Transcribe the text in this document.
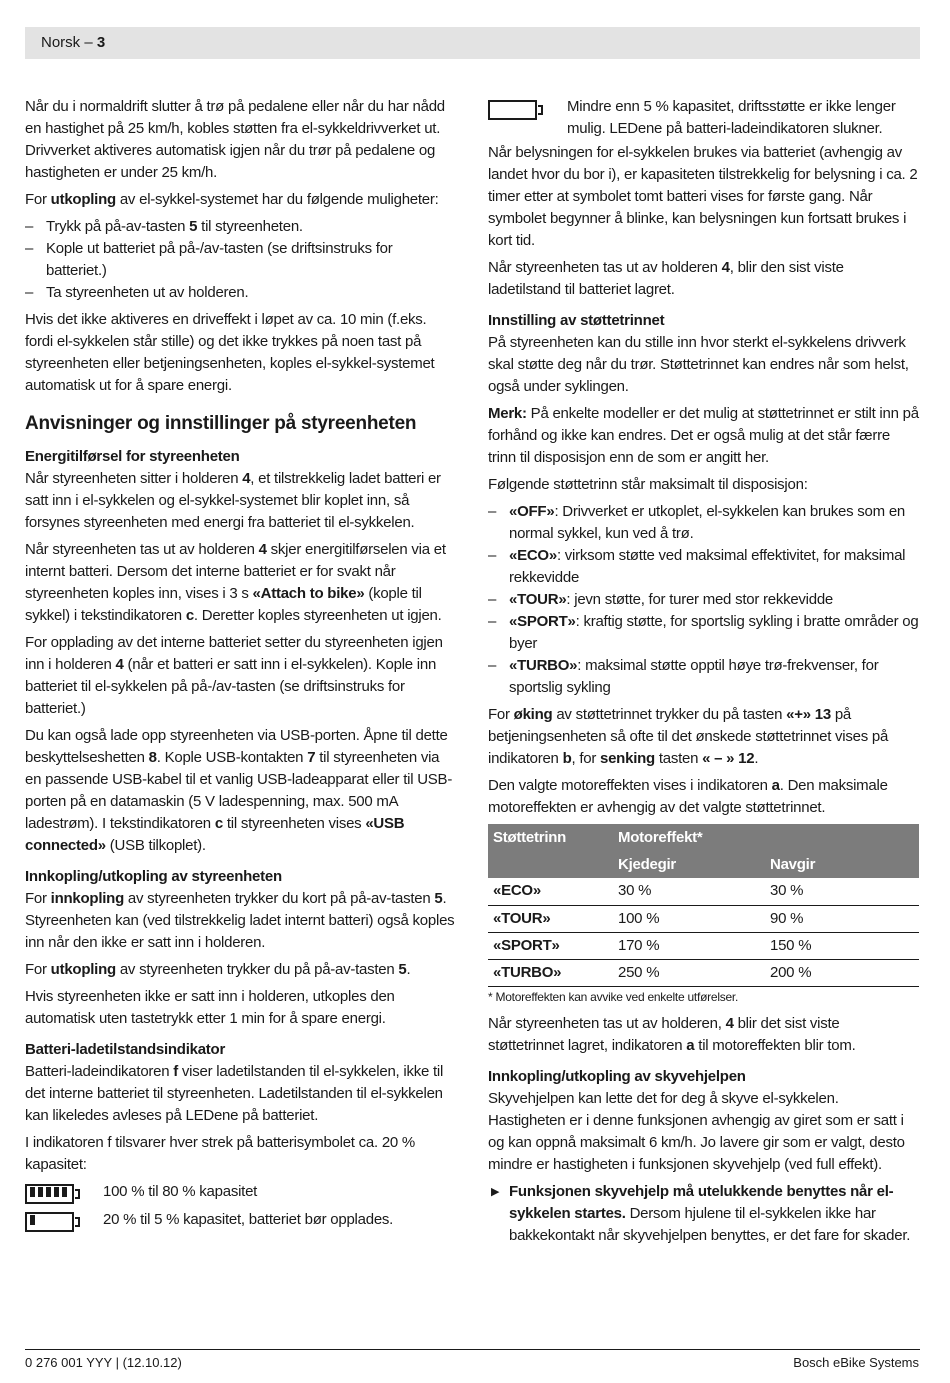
Norsk – 3

Når du i normaldrift slutter å trø på pedalene eller når du har nådd en hastighet på 25 km/h, kobles støtten fra el-sykkeldrivverket ut. Drivverket aktiveres automatisk igjen når du trør på pedalene og hastigheten er under 25 km/h.

For utkopling av el-sykkel-systemet har du følgende muligheter:

– Trykk på på-av-tasten 5 til styreenheten.
– Kople ut batteriet på på-/av-tasten (se driftsinstruks for batteriet.)
– Ta styreenheten ut av holderen.

Hvis det ikke aktiveres en driveffekt i løpet av ca. 10 min (f.eks. fordi el-sykkelen står stille) og det ikke trykkes på noen tast på styreenheten eller betjeningsenheten, koples el-sykkel-systemet automatisk ut for å spare energi.

Anvisninger og innstillinger på styreenheten
Energitilførsel for styreenheten

Når styreenheten sitter i holderen 4, et tilstrekkelig ladet batteri er satt inn i el-sykkelen og el-sykkel-systemet blir koplet inn, så forsynes styreenheten med energi fra batteriet til el-sykkelen.

Når styreenheten tas ut av holderen 4 skjer energitilførselen via et internt batteri. Dersom det interne batteriet er for svakt når styreenheten koples inn, vises i 3 s «Attach to bike» (kople til sykkel) i tekstindikatoren c. Deretter koples styreenheten ut igjen.

For opplading av det interne batteriet setter du styreenheten igjen inn i holderen 4 (når et batteri er satt inn i el-sykkelen). Kople inn batteriet til el-sykkelen på på-/av-tasten (se driftsinstruks for batteriet.)

Du kan også lade opp styreenheten via USB-porten. Åpne til dette beskyttelseshetten 8. Kople USB-kontakten 7 til styreenheten via en passende USB-kabel til et vanlig USB-ladeapparat eller til USB-porten på en datamaskin (5 V ladespenning, max. 500 mA ladestrøm). I tekstindikatoren c til styreenheten vises «USB connected» (USB tilkoplet).

Innkopling/utkopling av styreenheten

For innkopling av styreenheten trykker du kort på på-av-tasten 5. Styreenheten kan (ved tilstrekkelig ladet internt batteri) også koples inn når den ikke er satt inn i holderen.

For utkopling av styreenheten trykker du på på-av-tasten 5.

Hvis styreenheten ikke er satt inn i holderen, utkoples den automatisk uten tastetrykk etter 1 min for å spare energi.

Batteri-ladetilstandsindikator

Batteri-ladeindikatoren f viser ladetilstanden til el-sykkelen, ikke til det interne batteriet til styreenheten. Ladetilstanden til el-sykkelen kan likeledes avleses på LEDene på batteriet.

I indikatoren f tilsvarer hver strek på batterisymbolet ca. 20 % kapasitet:

100 % til 80 % kapasitet
20 % til 5 % kapasitet, batteriet bør opplades.
Mindre enn 5 % kapasitet, driftsstøtte er ikke lenger mulig. LEDene på batteri-ladeindikatoren slukner.

Når belysningen for el-sykkelen brukes via batteriet (avhengig av landet hvor du bor i), er kapasiteten tilstrekkelig for belysning i ca. 2 timer etter at symbolet tomt batteri vises for første gang. Når symbolet begynner å blinke, kan belysningen kun fortsatt brukes i kort tid.

Når styreenheten tas ut av holderen 4, blir den sist viste ladetilstand til batteriet lagret.

Innstilling av støttetrinnet

På styreenheten kan du stille inn hvor sterkt el-sykkelens drivverk skal støtte deg når du trør. Støttetrinnet kan endres når som helst, også under syklingen.

Merk: På enkelte modeller er det mulig at støttetrinnet er stilt inn på forhånd og ikke kan endres. Det er også mulig at det står færre trinn til disposisjon enn de som er angitt her.

Følgende støttetrinn står maksimalt til disposisjon:

– «OFF»: Drivverket er utkoplet, el-sykkelen kan brukes som en normal sykkel, kun ved å trø.
– «ECO»: virksom støtte ved maksimal effektivitet, for maksimal rekkevidde
– «TOUR»: jevn støtte, for turer med stor rekkevidde
– «SPORT»: kraftig støtte, for sportslig sykling i bratte områder og byer
– «TURBO»: maksimal støtte opptil høye trø-frekvenser, for sportslig sykling

For øking av støttetrinnet trykker du på tasten «+» 13 på betjeningsenheten så ofte til det ønskede støttetrinnet vises på indikatoren b, for senking tasten « – » 12.

Den valgte motoreffekten vises i indikatoren a. Den maksimale motoreffekten er avhengig av det valgte støttetrinnet.

Støttetrinn	Motoreffekt*	
	Kjedegir	Navgir
«ECO»	30 %	30 %
«TOUR»	100 %	90 %
«SPORT»	170 %	150 %
«TURBO»	250 %	200 %
* Motoreffekten kan avvike ved enkelte utførelser.

Når styreenheten tas ut av holderen, 4 blir det sist viste støttetrinnet lagret, indikatoren a til motoreffekten blir tom.

Innkopling/utkopling av skyvehjelpen

Skyvehjelpen kan lette det for deg å skyve el-sykkelen. Hastigheten er i denne funksjonen avhengig av giret som er satt i og kan oppnå maksimalt 6 km/h. Jo lavere gir som er valgt, desto mindre er hastigheten i funksjonen skyvehjelp (ved full effekt).

▶ Funksjonen skyvehjelp må utelukkende benyttes når el-sykkelen startes. Dersom hjulene til el-sykkelen ikke har bakkekontakt når skyvehjelpen benyttes, er det fare for skader.

0 276 001 YYY | (12.10.12)	Bosch eBike Systems
